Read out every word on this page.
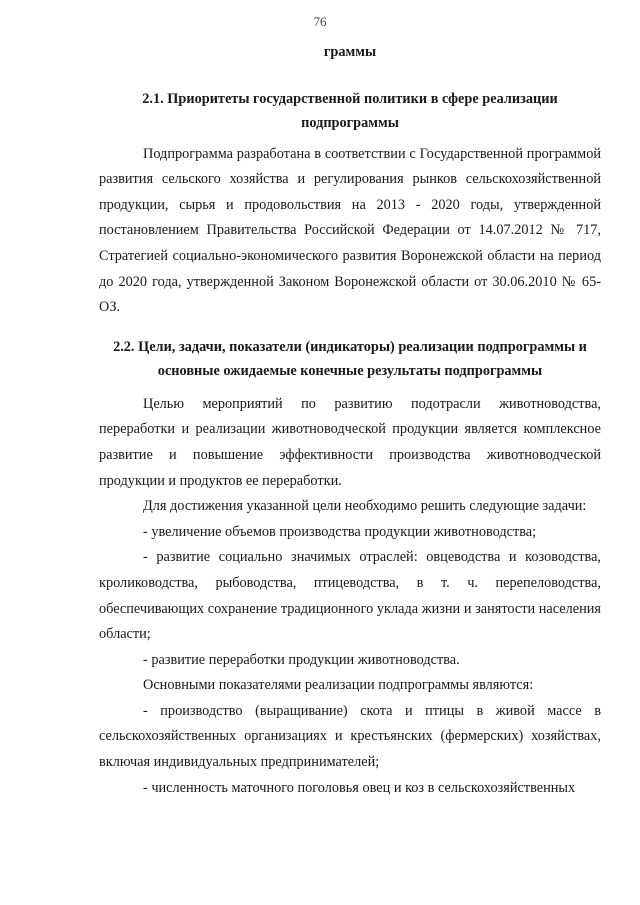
76
граммы
2.1. Приоритеты государственной политики в сфере реализации подпрограммы

Подпрограмма разработана в соответствии с Государственной программой развития сельского хозяйства и регулирования рынков сельскохозяйственной продукции, сырья и продовольствия на 2013 - 2020 годы, утвержденной постановлением Правительства Российской Федерации от 14.07.2012 № 717, Стратегией социально-экономического развития Воронежской области на период до 2020 года, утвержденной Законом Воронежской области от 30.06.2010 № 65-ОЗ.

2.2. Цели, задачи, показатели (индикаторы) реализации подпрограммы и основные ожидаемые конечные результаты подпрограммы

Целью мероприятий по развитию подотрасли животноводства, переработки и реализации животноводческой продукции является комплексное развитие и повышение эффективности производства животноводческой продукции и продуктов ее переработки.

Для достижения указанной цели необходимо решить следующие задачи:

- увеличение объемов производства продукции животноводства;

- развитие социально значимых отраслей: овцеводства и козоводства, кролиководства, рыбоводства, птицеводства, в т. ч. перепеловодства, обеспечивающих сохранение традиционного уклада жизни и занятости населения области;

- развитие переработки продукции животноводства.

Основными показателями реализации подпрограммы являются:

- производство (выращивание) скота и птицы в живой массе в сельскохозяйственных организациях и крестьянских (фермерских) хозяйствах, включая индивидуальных предпринимателей;

- численность маточного поголовья овец и коз в сельскохозяйственных
